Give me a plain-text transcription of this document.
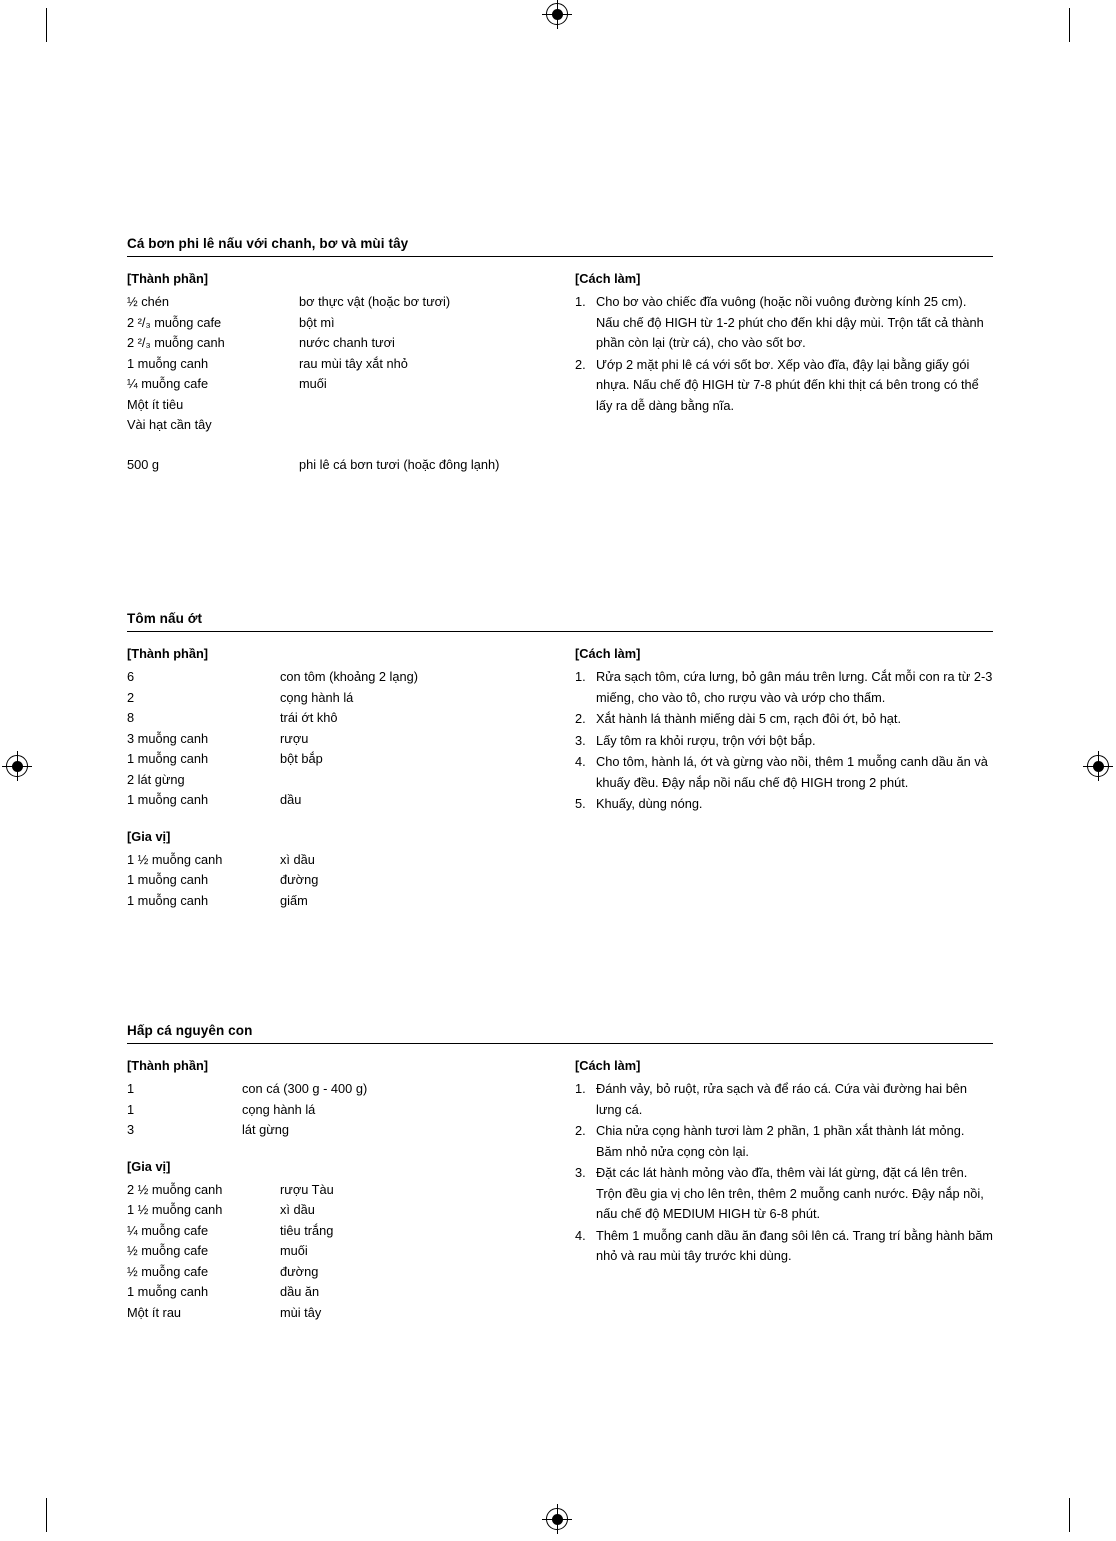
Cá bơn phi lê nấu với chanh, bơ và mùi tây
[Thành phần]
½ chén	bơ thực vật (hoặc bơ tươi)
2 ²/₃ muỗng cafe	bột mì
2 ²/₃ muỗng canh	nước chanh tươi
1 muỗng canh	rau mùi tây xắt nhỏ
¼ muỗng cafe	muối
Một ít tiêu
Vài hạt cần tây
500 g	phi lê cá bơn tươi (hoặc đông lạnh)
[Cách làm]
Cho bơ vào chiếc đĩa vuông (hoặc nồi vuông đường kính 25 cm). Nấu chế độ HIGH từ 1-2 phút cho đến khi dậy mùi. Trộn tất cả thành phần còn lại (trừ cá), cho vào sốt bơ.
Ướp 2 mặt phi lê cá với sốt bơ. Xếp vào đĩa, đậy lại bằng giấy gói nhựa. Nấu chế độ HIGH từ 7-8 phút đến khi thịt cá bên trong có thể lấy ra dễ dàng bằng nĩa.
Tôm nấu ớt
[Thành phần]
6	con tôm (khoảng 2 lạng)
2	cọng hành lá
8	trái ớt khô
3 muỗng canh	rượu
1 muỗng canh	bột bắp
2 lát gừng
1 muỗng canh	dầu
[Gia vị]
1 ½ muỗng canh	xì dầu
1 muỗng canh	đường
1 muỗng canh	giấm
[Cách làm]
Rửa sạch tôm, cứa lưng, bỏ gân máu trên lưng. Cắt mỗi con ra từ 2-3 miếng, cho vào tô, cho rượu vào và ướp cho thấm.
Xắt hành lá thành miếng dài 5 cm, rạch đôi ớt, bỏ hạt.
Lấy tôm ra khỏi rượu, trộn với bột bắp.
Cho tôm, hành lá, ớt và gừng vào nồi, thêm 1 muỗng canh dầu ăn và khuấy đều. Đậy nắp nồi nấu chế độ HIGH trong 2 phút.
Khuấy, dùng nóng.
Hấp cá nguyên con
[Thành phần]
1	con cá (300 g - 400 g)
1	cọng hành lá
3	lát gừng
[Gia vị]
2 ½ muỗng canh	rượu Tàu
1 ½ muỗng canh	xì dầu
¼ muỗng cafe	tiêu trắng
½ muỗng cafe	muối
½ muỗng cafe	đường
1 muỗng canh	dầu ăn
Một ít rau	mùi tây
[Cách làm]
Đánh vảy, bỏ ruột, rửa sạch và để ráo cá. Cứa vài đường hai bên lưng cá.
Chia nửa cọng hành tươi làm 2 phần, 1 phần xắt thành lát mỏng. Băm nhỏ nửa cọng còn lại.
Đặt các lát hành mỏng vào đĩa, thêm vài lát gừng, đặt cá lên trên. Trộn đều gia vị cho lên trên, thêm 2 muỗng canh nước. Đậy nắp nồi, nấu chế độ MEDIUM HIGH từ 6-8 phút.
Thêm 1 muỗng canh dầu ăn đang sôi lên cá. Trang trí bằng hành băm nhỏ và rau mùi tây trước khi dùng.
